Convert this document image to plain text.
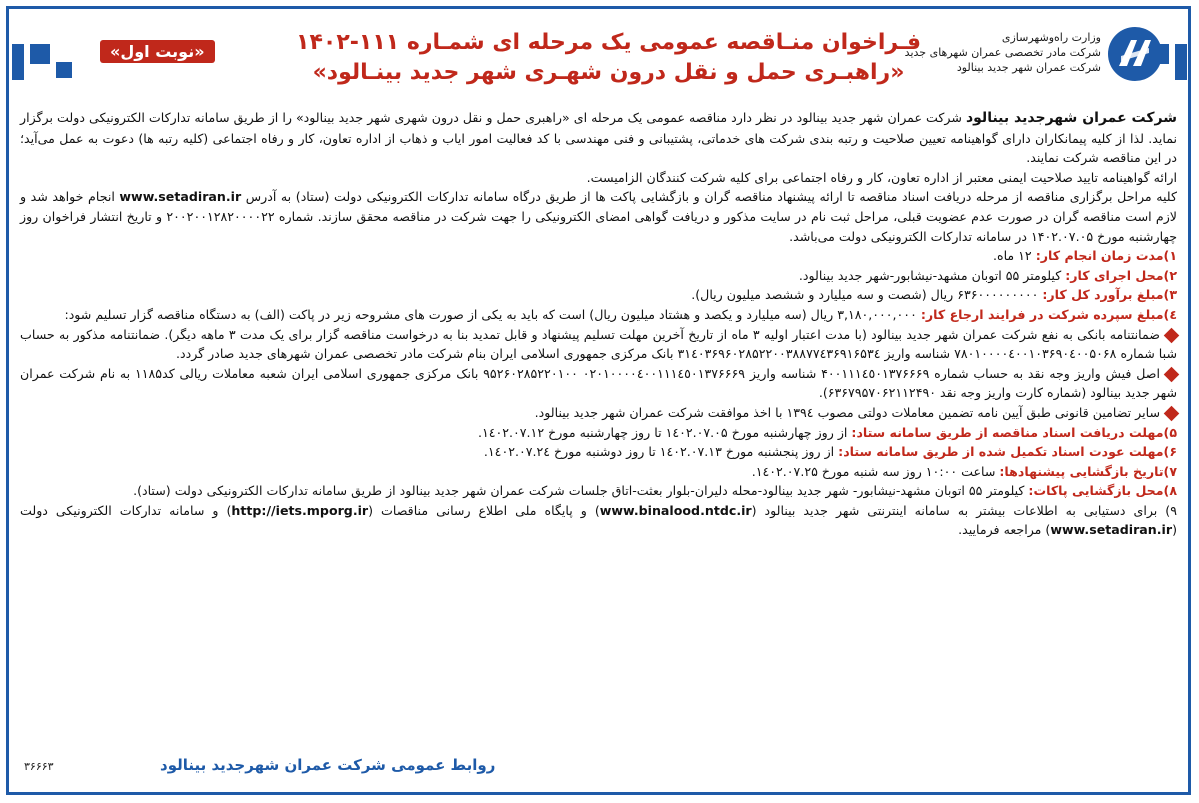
وزارت راه‌وشهرسازی
شرکت مادر تخصصی عمران شهرهای جدید
شرکت عمران شهر جدید بینالود
فـراخوان منـاقصه عمومی یک مرحله ای شمـاره ۱۱۱-۱۴۰۲
«راهبـری حمل و نقل درون شهـری شهر جدید بینـالود»
«نوبت اول»

شرکت عمران شهرجدید بینالود شرکت عمران شهر جدید بینالود در نظر دارد مناقصه عمومی یک مرحله ای «راهبری حمل و نقل درون شهری شهر جدید بینالود» را از طریق سامانه تدارکات الکترونیکی دولت برگزار نماید. لذا از کلیه پیمانکاران دارای گواهینامه تعیین صلاحیت و رتبه بندی شرکت های خدماتی، پشتیبانی و فنی مهندسی با کد فعالیت امور ایاب و ذهاب از اداره تعاون، کار و رفاه اجتماعی (کلیه رتبه ها) دعوت به عمل می‌آید؛ در این مناقصه شرکت نمایند.

ارائه گواهینامه تایید صلاحیت ایمنی معتبر از اداره تعاون، کار و رفاه اجتماعی برای کلیه شرکت کنندگان الزامیست.

کلیه مراحل برگزاری مناقصه از مرحله دریافت اسناد مناقصه تا ارائه پیشنهاد مناقصه گران و بازگشایی پاکت ها از طریق درگاه سامانه تدارکات الکترونیکی دولت (ستاد) به آدرس www.setadiran.ir انجام خواهد شد و لازم است مناقصه گران در صورت عدم عضویت قبلی، مراحل ثبت نام در سایت مذکور و دریافت گواهی امضای الکترونیکی را جهت شرکت در مناقصه محقق سازند. شماره ۲۰۰۲۰۰۱۲۸۲۰۰۰۰۲۲ و تاریخ انتشار فراخوان روز چهارشنبه مورخ ۱۴۰۲.۰۷.۰۵ در سامانه تدارکات الکترونیکی دولت می‌باشد.

۱)مدت زمان انجام کار: ۱۲ ماه.

۲)محل اجرای کار: کیلومتر ۵۵ اتوبان مشهد-نیشابور-شهر جدید بینالود.

۳)مبلغ برآورد کل کار: ۶۳۶۰۰۰۰۰۰۰۰۰ ریال (شصت و سه میلیارد و ششصد میلیون ریال).

٤)مبلغ سپرده شرکت در فرایند ارجاع کار: ۳,۱۸۰,۰۰۰,۰۰۰ ریال (سه میلیارد و یکصد و هشتاد میلیون ریال) است که باید به یکی از صورت های مشروحه زیر در پاکت (الف) به دستگاه مناقصه گزار تسلیم شود:

ضمانتنامه بانکی به نفع شرکت عمران شهر جدید بینالود (با مدت اعتبار اولیه ۳ ماه از تاریخ آخرین مهلت تسلیم پیشنهاد و قابل تمدید بنا به درخواست مناقصه گزار برای یک مدت ۳ ماهه دیگر). ضمانتنامه مذکور به حساب شبا شماره ۷۸۰۱۰۰۰۰٤۰۰۱۰۳۶۹۰٤۰۰۵۰۶۸ شناسه واریز ۳۱٤۰۳۶۹۶۰۲۸۵۲۲۰۰۳۸۸۷۷٤۳۶۹۱۶۵۳٤ بانک مرکزی جمهوری اسلامی ایران بنام شرکت مادر تخصصی عمران شهرهای جدید صادر گردد.

اصل فیش واریز وجه نقد به حساب شماره ۴۰۰۱۱۱٤٥۰۱۳۷۶۶۶۹ شناسه واریز ۰۲۰۱۰۰۰۰٤۰۰۱۱۱٤٥۰۱۳۷۶۶۶۹ ۹۵۲۶۰۲۸۵۲۲۰۱۰۰ بانک مرکزی جمهوری اسلامی ایران شعبه معاملات ریالی کد۱۱۸۵ به نام شرکت عمران شهر جدید بینالود (شماره کارت واریز وجه نقد ۶۳۶۷۹۵۷۰۶۲۱۱۲۴۹۰).

سایر تضامین قانونی طبق آیین نامه تضمین معاملات دولتی مصوب ۱۳۹٤ با اخذ موافقت شرکت عمران شهر جدید بینالود.

۵)مهلت دریافت اسناد مناقصه از طریق سامانه ستاد: از روز چهارشنبه مورخ ۱٤۰۲.۰۷.۰۵ تا روز چهارشنبه مورخ ۱٤۰۲.۰۷.۱۲.

۶)مهلت عودت اسناد تکمیل شده از طریق سامانه ستاد: از روز پنجشنبه مورخ ۱٤۰۲.۰۷.۱۳ تا روز دوشنبه مورخ ۱٤۰۲.۰۷.۲٤.

۷)تاریخ بازگشایی پیشنهادها: ساعت ۱۰:۰۰ روز سه شنبه مورخ ۱٤۰۲.۰۷.۲۵.

۸)محل بازگشایی پاکات: کیلومتر ۵۵ اتوبان مشهد-نیشابور- شهر جدید بینالود-محله دلیران-بلوار بعثت-اتاق جلسات شرکت عمران شهر جدید بینالود از طریق سامانه تدارکات الکترونیکی دولت (ستاد).

۹) برای دستیابی به اطلاعات بیشتر به سامانه اینترنتی شهر جدید بینالود (www.binalood.ntdc.ir) و پایگاه ملی اطلاع رسانی مناقصات (http://iets.mporg.ir) و سامانه تدارکات الکترونیکی دولت (www.setadiran.ir) مراجعه فرمایید.

روابط عمومی شرکت عمران شهرجدید بینالود
۳۶۶۶۳
